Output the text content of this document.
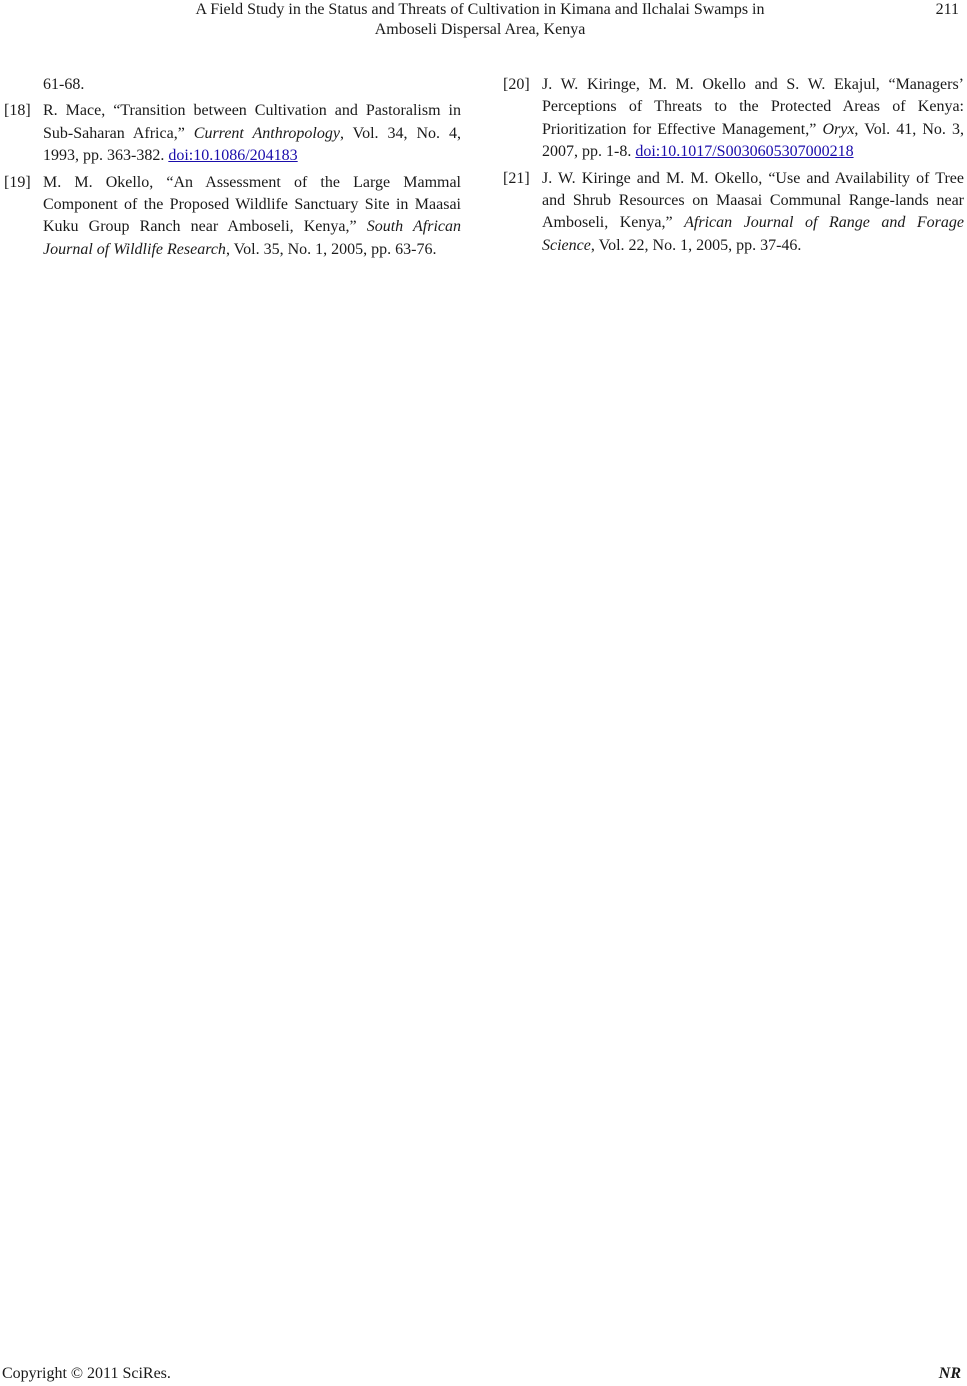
A Field Study in the Status and Threats of Cultivation in Kimana and Ilchalai Swamps in
Amboseli Dispersal Area, Kenya
211
61-68.
[18] R. Mace, “Transition between Cultivation and Pastoralism in Sub-Saharan Africa,” Current Anthropology, Vol. 34, No. 4, 1993, pp. 363-382. doi:10.1086/204183
[19] M. M. Okello, “An Assessment of the Large Mammal Component of the Proposed Wildlife Sanctuary Site in Maasai Kuku Group Ranch near Amboseli, Kenya,” South African Journal of Wildlife Research, Vol. 35, No. 1, 2005, pp. 63-76.
[20] J. W. Kiringe, M. M. Okello and S. W. Ekajul, “Managers’ Perceptions of Threats to the Protected Areas of Kenya: Prioritization for Effective Management,” Oryx, Vol. 41, No. 3, 2007, pp. 1-8. doi:10.1017/S0030605307000218
[21] J. W. Kiringe and M. M. Okello, “Use and Availability of Tree and Shrub Resources on Maasai Communal Range-lands near Amboseli, Kenya,” African Journal of Range and Forage Science, Vol. 22, No. 1, 2005, pp. 37-46.
Copyright © 2011 SciRes.	NR
